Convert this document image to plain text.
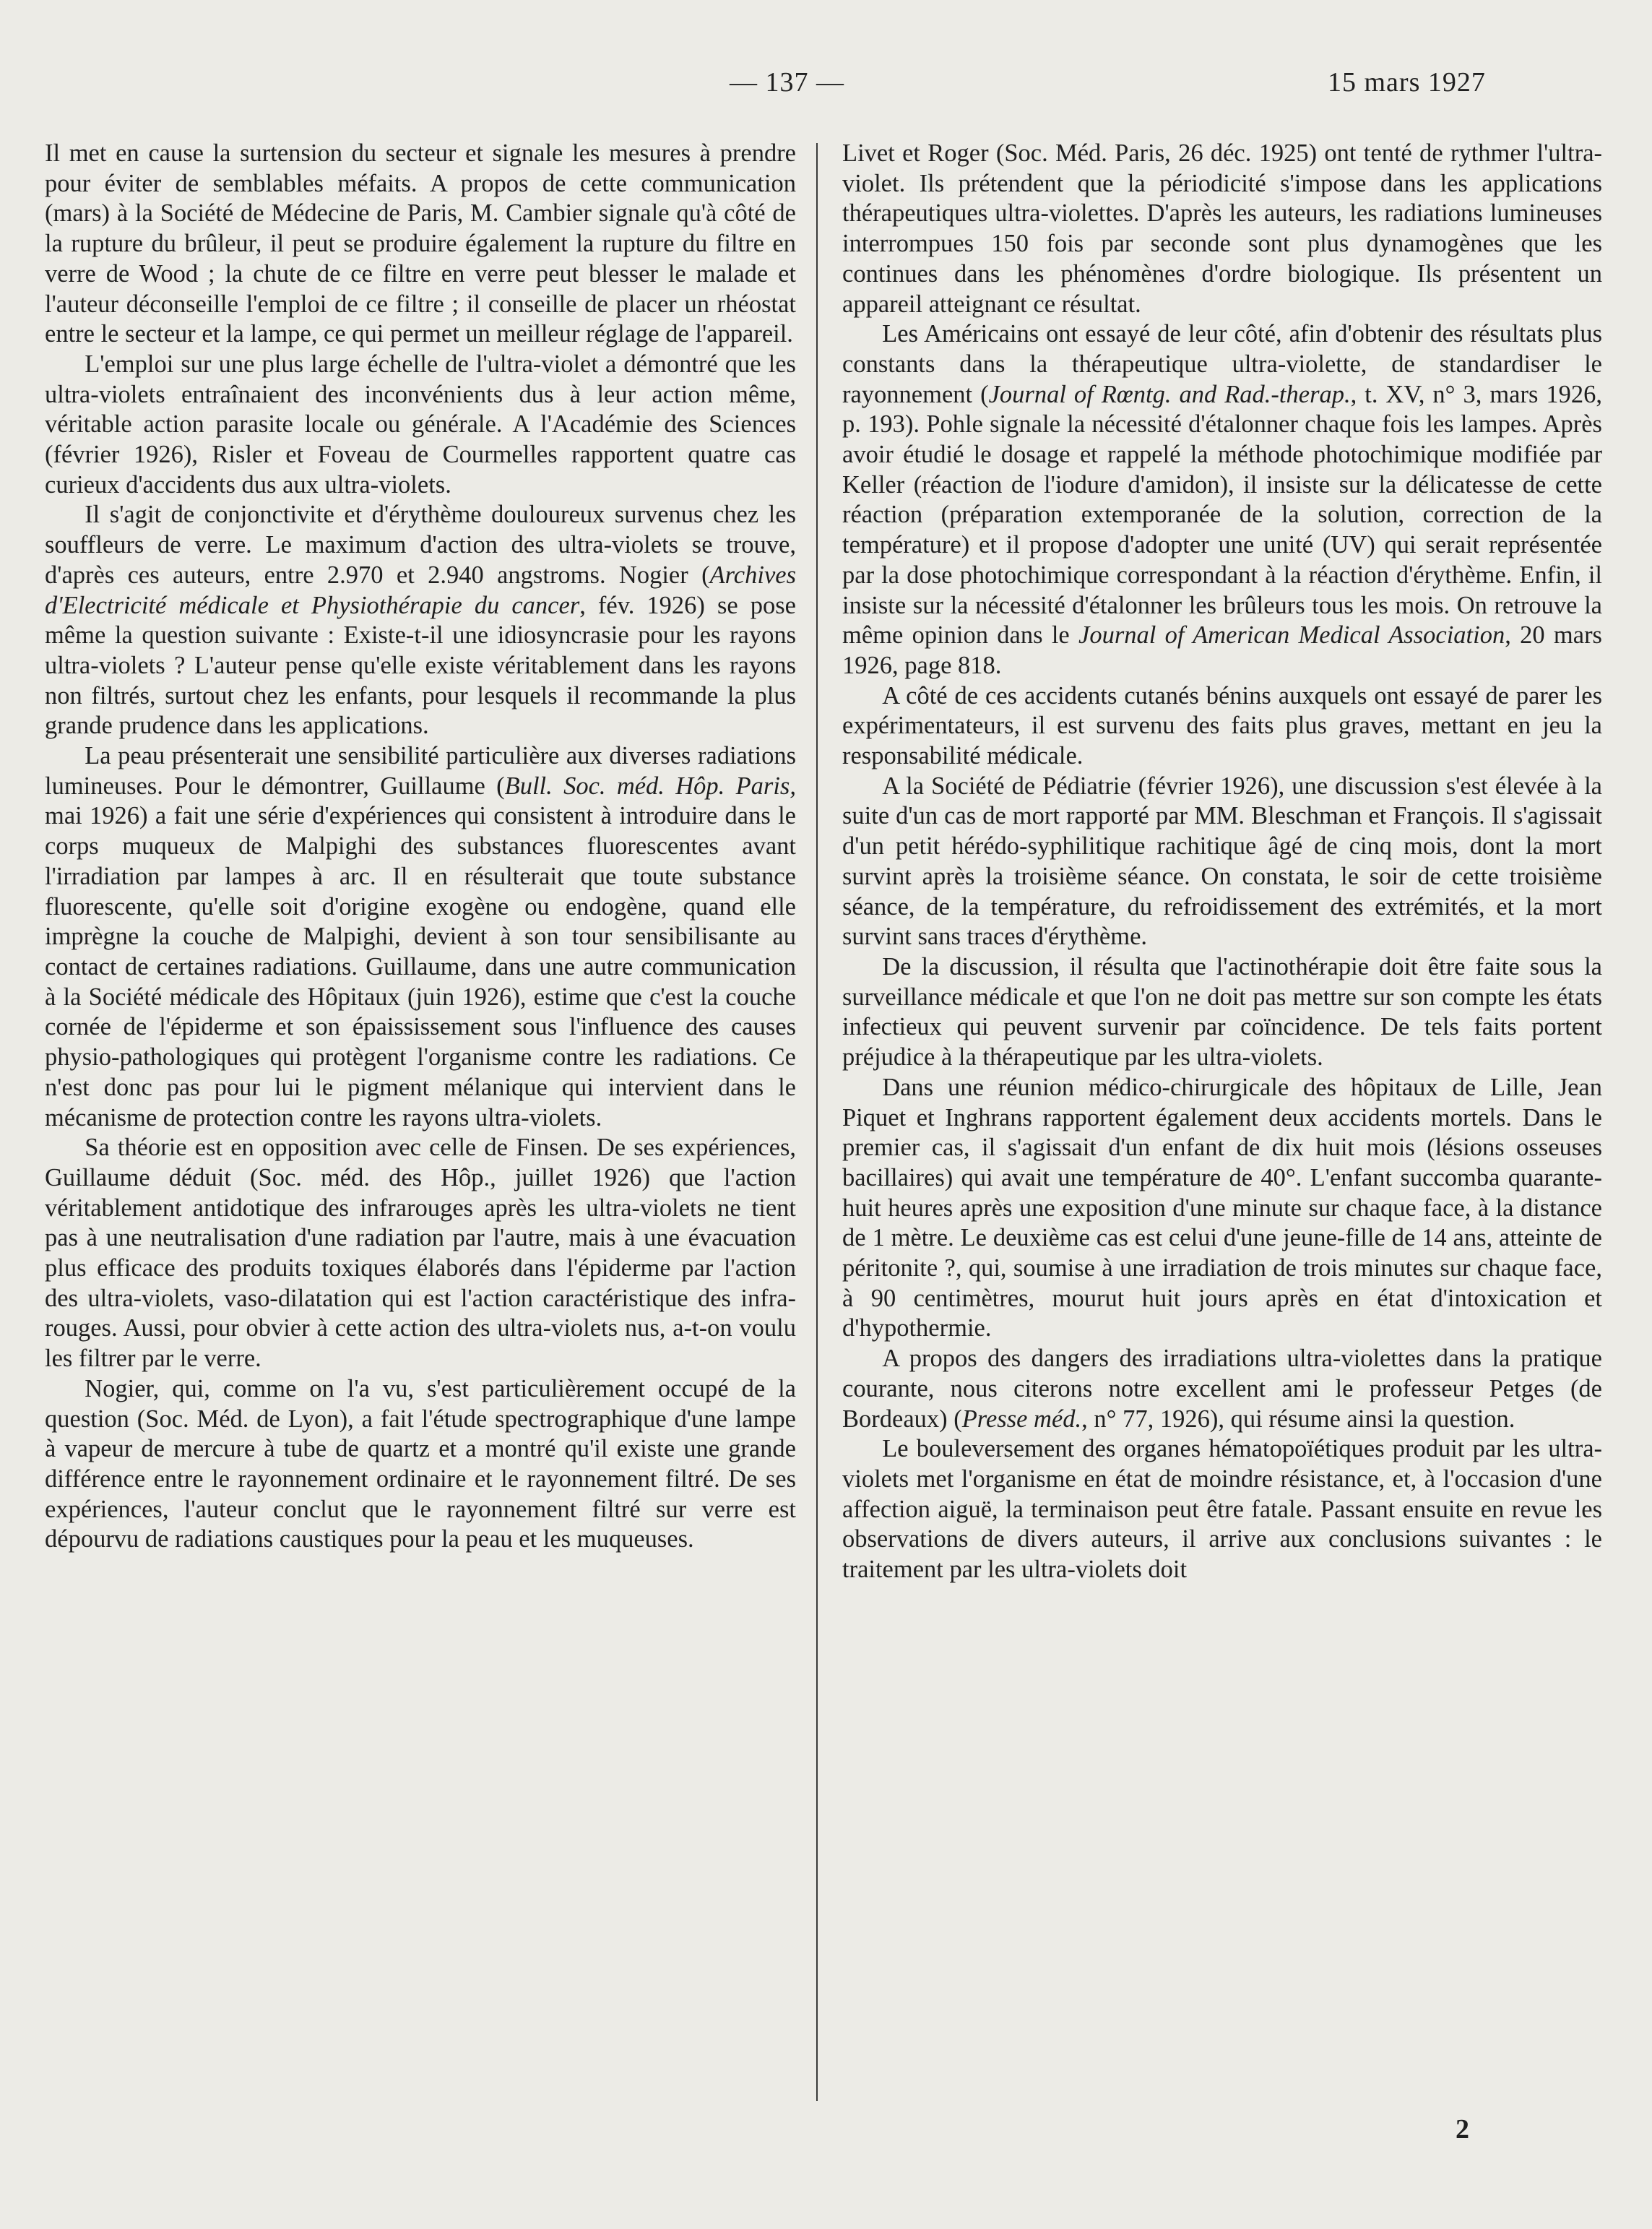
— 137 —	15 mars 1927

Il met en cause la surtension du secteur et signale les mesures à prendre pour éviter de semblables méfaits. A propos de cette communication (mars) à la Société de Médecine de Paris, M. Cambier signale qu'à côté de la rupture du brûleur, il peut se produire également la rupture du filtre en verre de Wood ; la chute de ce filtre en verre peut blesser le malade et l'auteur déconseille l'emploi de ce filtre ; il conseille de placer un rhéostat entre le secteur et la lampe, ce qui permet un meilleur réglage de l'appareil.

L'emploi sur une plus large échelle de l'ultra-violet a démontré que les ultra-violets entraînaient des inconvénients dus à leur action même, véritable action parasite locale ou générale. A l'Académie des Sciences (février 1926), Risler et Foveau de Courmelles rapportent quatre cas curieux d'accidents dus aux ultra-violets.

Il s'agit de conjonctivite et d'érythème douloureux survenus chez les souffleurs de verre. Le maximum d'action des ultra-violets se trouve, d'après ces auteurs, entre 2.970 et 2.940 angstroms. Nogier (Archives d'Electricité médicale et Physiothérapie du cancer, fév. 1926) se pose même la question suivante : Existe-t-il une idiosyncrasie pour les rayons ultra-violets ? L'auteur pense qu'elle existe véritablement dans les rayons non filtrés, surtout chez les enfants, pour lesquels il recommande la plus grande prudence dans les applications.

La peau présenterait une sensibilité particulière aux diverses radiations lumineuses. Pour le démontrer, Guillaume (Bull. Soc. méd. Hôp. Paris, mai 1926) a fait une série d'expériences qui consistent à introduire dans le corps muqueux de Malpighi des substances fluorescentes avant l'irradiation par lampes à arc. Il en résulterait que toute substance fluorescente, qu'elle soit d'origine exogène ou endogène, quand elle imprègne la couche de Malpighi, devient à son tour sensibilisante au contact de certaines radiations. Guillaume, dans une autre communication à la Société médicale des Hôpitaux (juin 1926), estime que c'est la couche cornée de l'épiderme et son épaississement sous l'influence des causes physio-pathologiques qui protègent l'organisme contre les radiations. Ce n'est donc pas pour lui le pigment mélanique qui intervient dans le mécanisme de protection contre les rayons ultra-violets.

Sa théorie est en opposition avec celle de Finsen. De ses expériences, Guillaume déduit (Soc. méd. des Hôp., juillet 1926) que l'action véritablement antidotique des infrarouges après les ultra-violets ne tient pas à une neutralisation d'une radiation par l'autre, mais à une évacuation plus efficace des produits toxiques élaborés dans l'épiderme par l'action des ultra-violets, vaso-dilatation qui est l'action caractéristique des infra-rouges. Aussi, pour obvier à cette action des ultra-violets nus, a-t-on voulu les filtrer par le verre.

Nogier, qui, comme on l'a vu, s'est particulièrement occupé de la question (Soc. Méd. de Lyon), a fait l'étude spectrographique d'une lampe à vapeur de mercure à tube de quartz et a montré qu'il existe une grande différence entre le rayonnement ordinaire et le rayonnement filtré. De ses expériences, l'auteur conclut que le rayonnement filtré sur verre est dépourvu de radiations caustiques pour la peau et les muqueuses.

Livet et Roger (Soc. Méd. Paris, 26 déc. 1925) ont tenté de rythmer l'ultra-violet. Ils prétendent que la périodicité s'impose dans les applications thérapeutiques ultra-violettes. D'après les auteurs, les radiations lumineuses interrompues 150 fois par seconde sont plus dynamogènes que les continues dans les phénomènes d'ordre biologique. Ils présentent un appareil atteignant ce résultat.

Les Américains ont essayé de leur côté, afin d'obtenir des résultats plus constants dans la thérapeutique ultra-violette, de standardiser le rayonnement (Journal of Rœntg. and Rad.-therap., t. XV, n° 3, mars 1926, p. 193). Pohle signale la nécessité d'étalonner chaque fois les lampes. Après avoir étudié le dosage et rappelé la méthode photochimique modifiée par Keller (réaction de l'iodure d'amidon), il insiste sur la délicatesse de cette réaction (préparation extemporanée de la solution, correction de la température) et il propose d'adopter une unité (UV) qui serait représentée par la dose photochimique correspondant à la réaction d'érythème. Enfin, il insiste sur la nécessité d'étalonner les brûleurs tous les mois. On retrouve la même opinion dans le Journal of American Medical Association, 20 mars 1926, page 818.

A côté de ces accidents cutanés bénins auxquels ont essayé de parer les expérimentateurs, il est survenu des faits plus graves, mettant en jeu la responsabilité médicale.

A la Société de Pédiatrie (février 1926), une discussion s'est élevée à la suite d'un cas de mort rapporté par MM. Bleschman et François. Il s'agissait d'un petit hérédo-syphilitique rachitique âgé de cinq mois, dont la mort survint après la troisième séance. On constata, le soir de cette troisième séance, de la température, du refroidissement des extrémités, et la mort survint sans traces d'érythème.

De la discussion, il résulta que l'actinothérapie doit être faite sous la surveillance médicale et que l'on ne doit pas mettre sur son compte les états infectieux qui peuvent survenir par coïncidence. De tels faits portent préjudice à la thérapeutique par les ultra-violets.

Dans une réunion médico-chirurgicale des hôpitaux de Lille, Jean Piquet et Inghrans rapportent également deux accidents mortels. Dans le premier cas, il s'agissait d'un enfant de dix huit mois (lésions osseuses bacillaires) qui avait une température de 40°. L'enfant succomba quarante-huit heures après une exposition d'une minute sur chaque face, à la distance de 1 mètre. Le deuxième cas est celui d'une jeune-fille de 14 ans, atteinte de péritonite ?, qui, soumise à une irradiation de trois minutes sur chaque face, à 90 centimètres, mourut huit jours après en état d'intoxication et d'hypothermie.

A propos des dangers des irradiations ultra-violettes dans la pratique courante, nous citerons notre excellent ami le professeur Petges (de Bordeaux) (Presse méd., n° 77, 1926), qui résume ainsi la question.

Le bouleversement des organes hématopoïétiques produit par les ultra-violets met l'organisme en état de moindre résistance, et, à l'occasion d'une affection aiguë, la terminaison peut être fatale. Passant ensuite en revue les observations de divers auteurs, il arrive aux conclusions suivantes : le traitement par les ultra-violets doit

2
